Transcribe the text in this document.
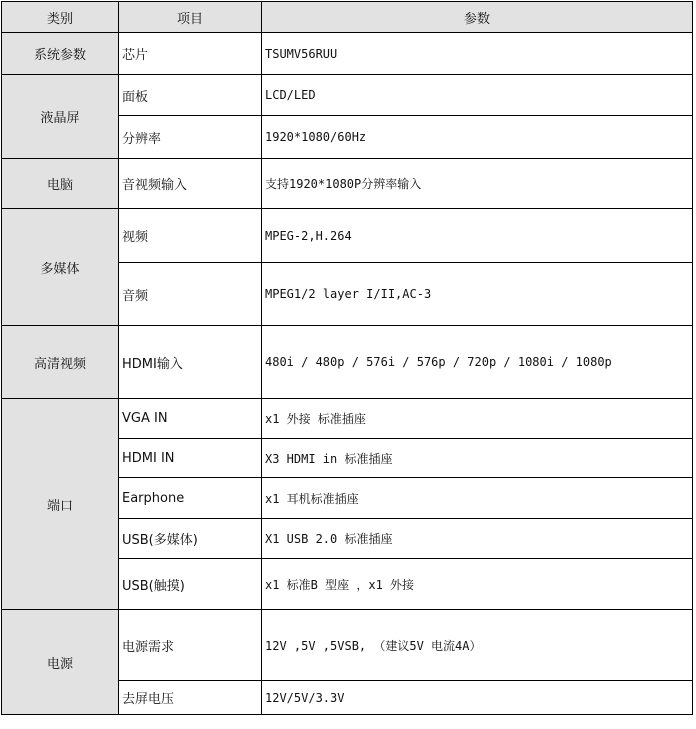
类别	项目	参数
系统参数	芯片	TSUMV56RUU
液晶屏	面板	LCD/LED
	分辨率	1920*1080/60Hz
电脑	音视频输入	支持1920*1080P分辨率输入
多媒体	视频	MPEG-2,H.264
	音频	MPEG1/2 layer I/II,AC-3
高清视频	HDMI输入	480i / 480p / 576i / 576p / 720p / 1080i / 1080p
端口	VGA IN	x1 外接 标准插座
	HDMI IN	X3 HDMI in 标准插座
	Earphone	x1 耳机标准插座
	USB(多媒体)	X1 USB 2.0 标准插座
	USB(触摸)	x1 标准B 型座 ，x1 外接
电源	电源需求	12V ,5V ,5VSB, （建议5V 电流4A）
	去屏电压	12V/5V/3.3V
